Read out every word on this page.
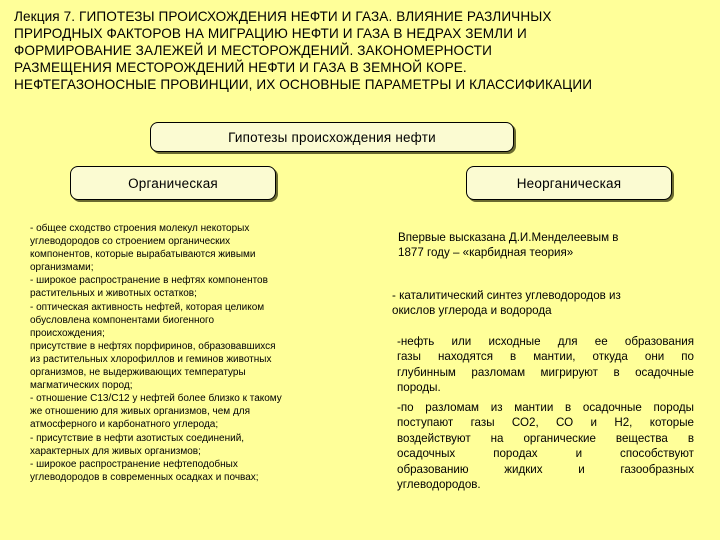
Лекция 7. ГИПОТЕЗЫ ПРОИСХОЖДЕНИЯ НЕФТИ И ГАЗА. ВЛИЯНИЕ РАЗЛИЧНЫХ
ПРИРОДНЫХ ФАКТОРОВ НА МИГРАЦИЮ НЕФТИ И ГАЗА В НЕДРАХ ЗЕМЛИ И
ФОРМИРОВАНИЕ ЗАЛЕЖЕЙ И МЕСТОРОЖДЕНИЙ. ЗАКОНОМЕРНОСТИ
РАЗМЕЩЕНИЯ МЕСТОРОЖДЕНИЙ НЕФТИ И ГАЗА В ЗЕМНОЙ КОРЕ.
НЕФТЕГАЗОНОСНЫЕ ПРОВИНЦИИ, ИХ ОСНОВНЫЕ ПАРАМЕТРЫ И КЛАССИФИКАЦИИ
Гипотезы происхождения нефти
Органическая	Неорганическая
- общее сходство строения молекул некоторых
углеводородов со строением органических
компонентов, которые вырабатываются живыми
организмами;
- широкое распространение в нефтях компонентов
растительных и животных остатков;
- оптическая активность нефтей, которая целиком
обусловлена компонентами биогенного
происхождения;
присутствие в нефтях порфиринов, образовавшихся
из растительных хлорофиллов и геминов животных
организмов, не выдерживающих температуры
магматических пород;
- отношение С13/С12 у нефтей более близко к такому
же отношению для живых организмов, чем для
атмосферного и карбонатного углерода;
- присутствие в нефти азотистых соединений,
характерных для живых организмов;
- широкое распространение нефтеподобных
углеводородов в современных осадках и почвах;
Впервые высказана Д.И.Менделеевым в
1877 году – «карбидная теория»
- каталитический синтез углеводородов из
окислов углерода и водорода
-нефть или исходные для ее образования
газы находятся в мантии, откуда они по
глубинным разломам мигрируют в осадочные
породы.
-по разломам из мантии в осадочные породы
поступают газы СО2, СО и Н2, которые
воздействуют на органические вещества в
осадочных породах и способствуют
образованию жидких и газообразных
углеводородов.
